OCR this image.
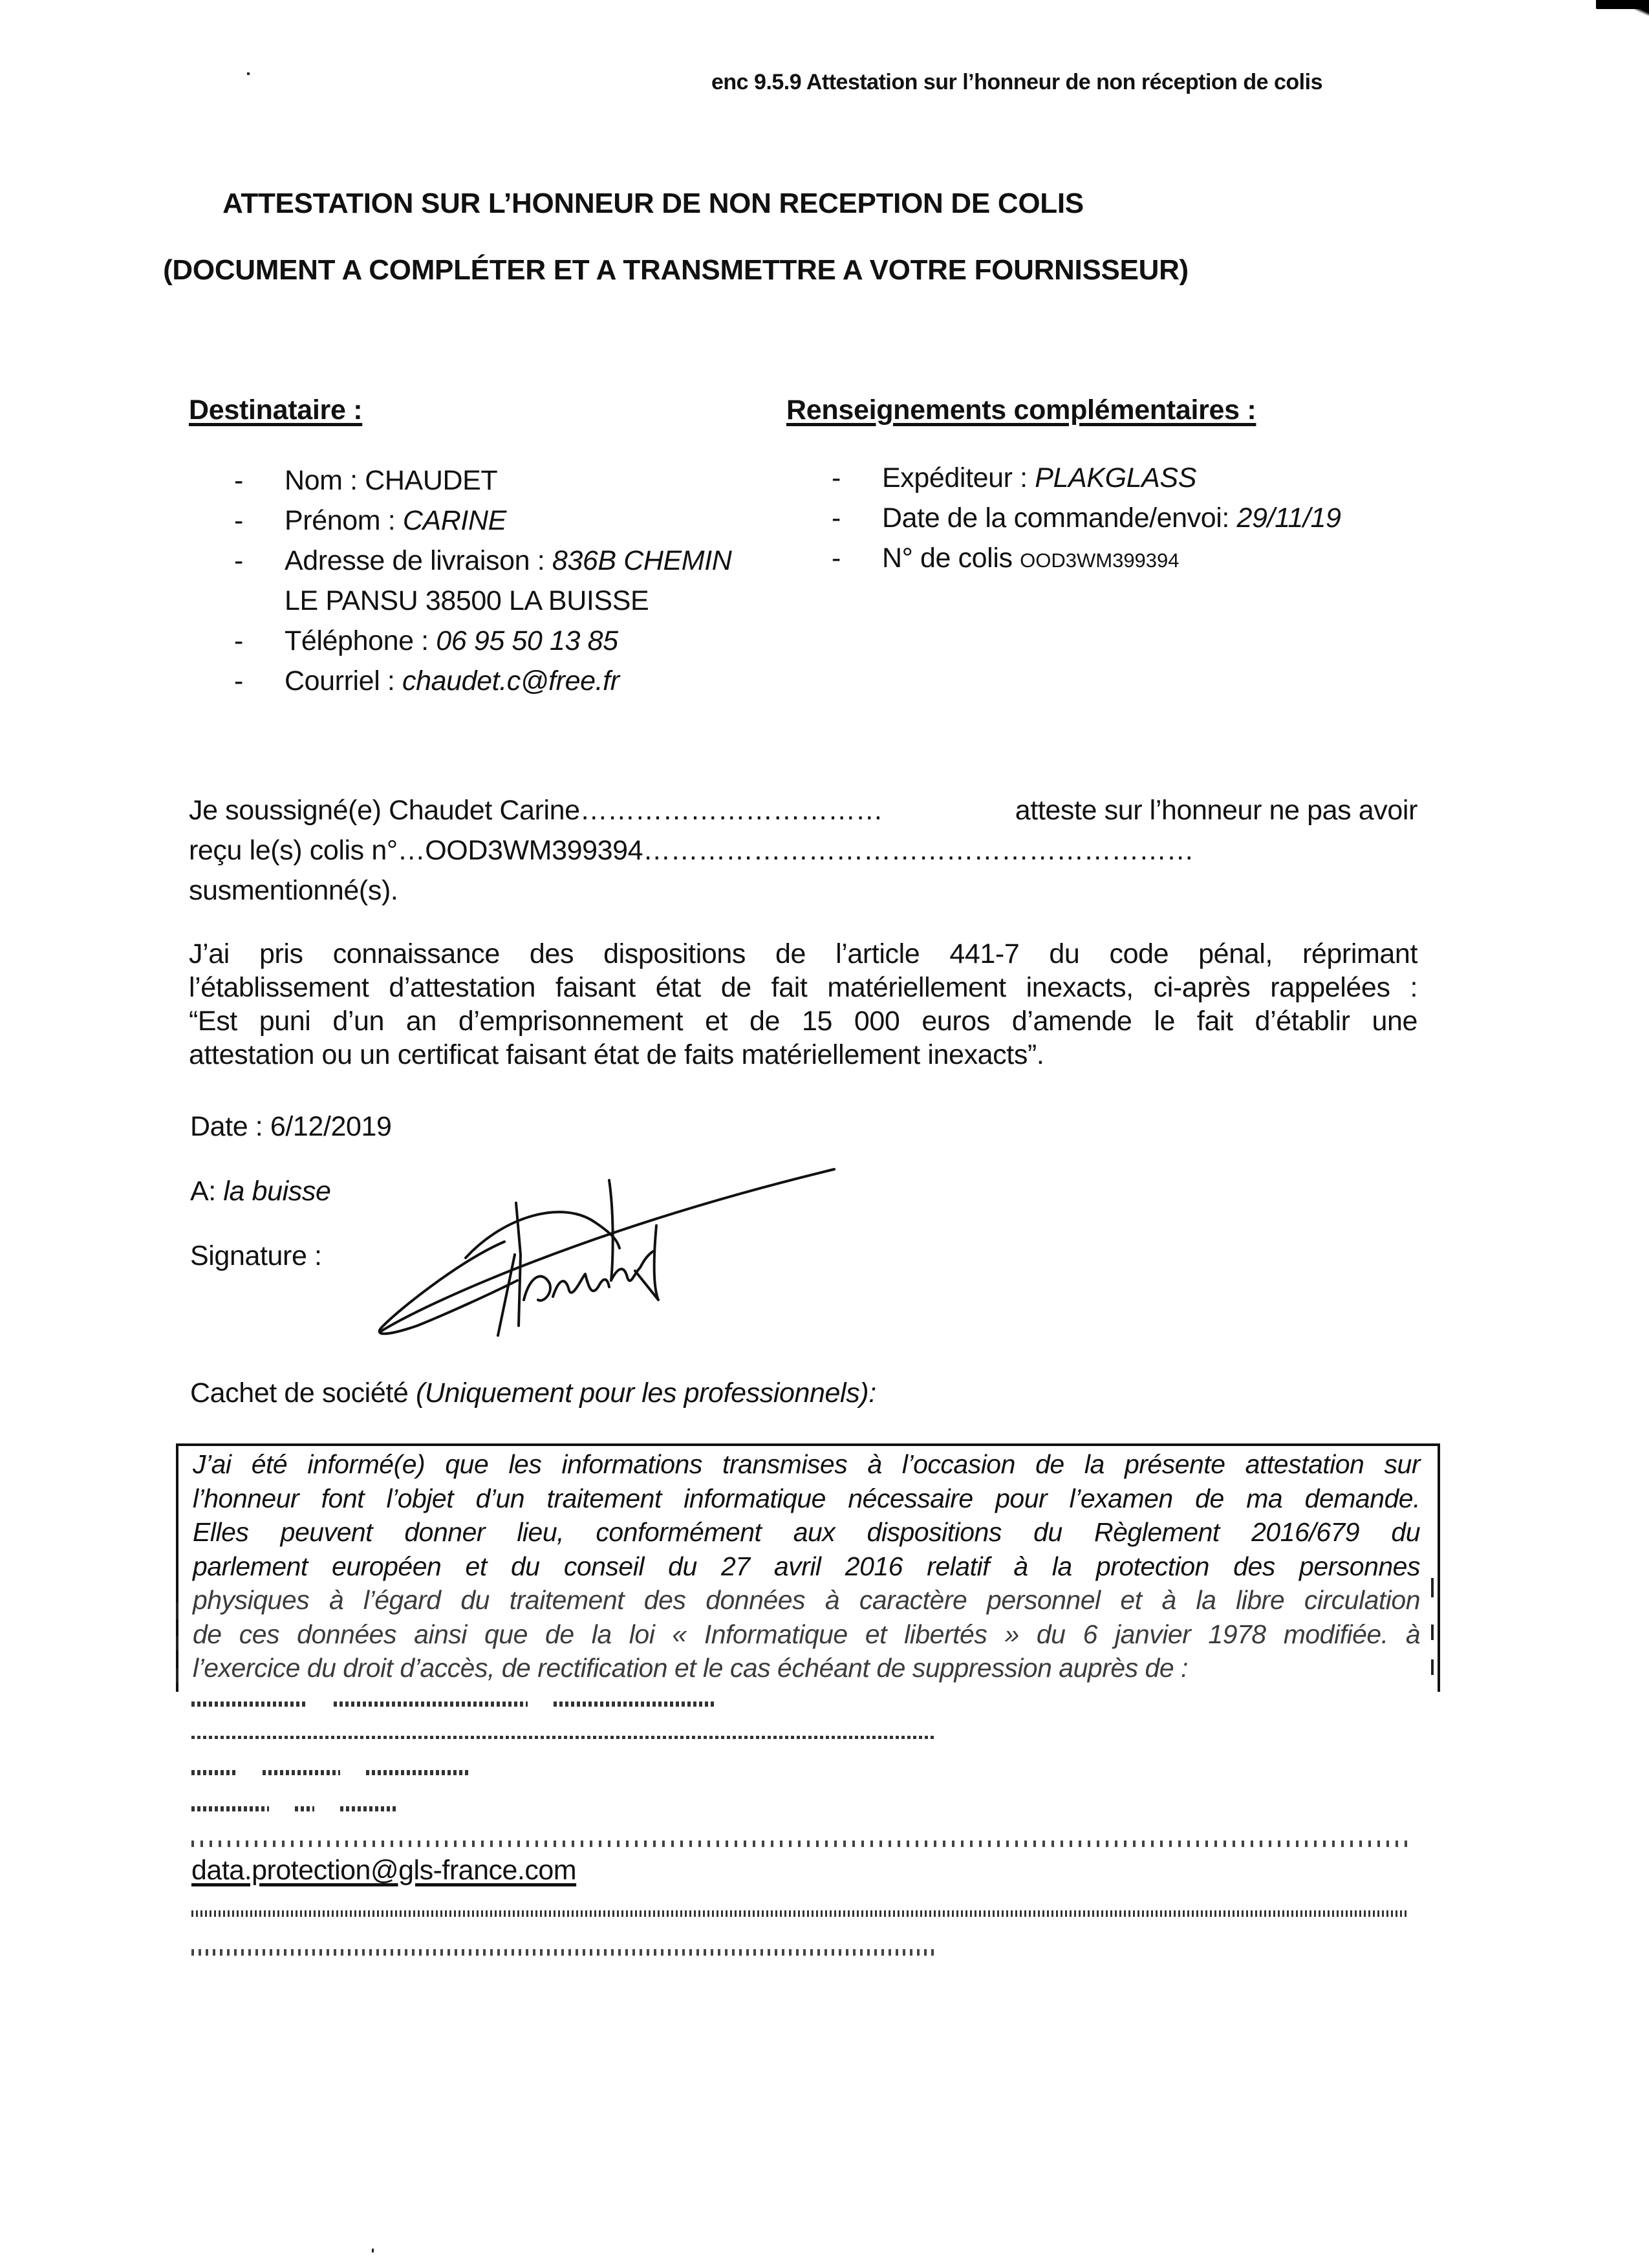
enc 9.5.9 Attestation sur l’honneur de non réception de colis
ATTESTATION SUR L’HONNEUR DE NON RECEPTION DE COLIS
(DOCUMENT A COMPLÉTER ET A TRANSMETTRE A VOTRE FOURNISSEUR)
Destinataire :	Renseignements complémentaires :
- Nom : CHAUDET
- Prénom : CARINE
- Adresse de livraison : 836B CHEMIN
LE PANSU 38500 LA BUISSE
- Téléphone : 06 95 50 13 85
- Courriel : chaudet.c@free.fr
- Expéditeur : PLAKGLASS
- Date de la commande/envoi: 29/11/19
- N° de colis OOD3WM399394
Je soussigné(e) Chaudet Carine……………………………	atteste sur l’honneur ne pas avoir
reçu le(s) colis n°…OOD3WM399394……………………………………………………
susmentionné(s).
J’ai pris connaissance des dispositions de l’article 441-7 du code pénal, réprimant
l’établissement d’attestation faisant état de fait matériellement inexacts, ci-après rappelées :
“Est puni d’un an d’emprisonnement et de 15 000 euros d’amende le fait d’établir une
attestation ou un certificat faisant état de faits matériellement inexacts”.
Date : 6/12/2019
A: la buisse
Signature :
Cachet de société (Uniquement pour les professionnels):
J’ai été informé(e) que les informations transmises à l’occasion de la présente attestation sur
l’honneur font l’objet d’un traitement informatique nécessaire pour l’examen de ma demande.
Elles peuvent donner lieu, conformément aux dispositions du Règlement 2016/679 du
parlement européen et du conseil du 27 avril 2016 relatif à la protection des personnes
physiques à l’égard du traitement des données à caractère personnel et à la libre circulation
de ces données ainsi que de la loi « Informatique et libertés » du 6 janvier 1978 modifiée. à
l’exercice du droit d’accès, de rectification et le cas échéant de suppression auprès de :
data.protection@gls-france.com
